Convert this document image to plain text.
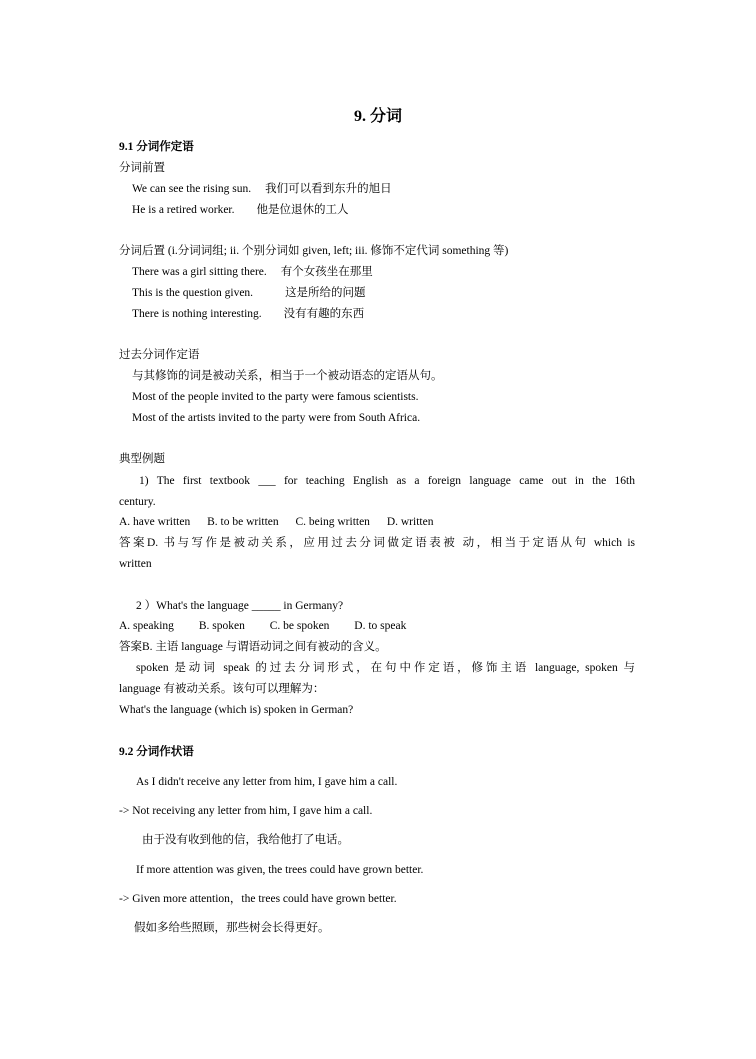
9. 分词
9.1 分词作定语
分词前置
We can see the rising sun. 我们可以看到东升的旭日
He is a retired worker. 他是位退休的工人
分词后置 (i.分词词组; ii. 个别分词如 given, left; iii. 修饰不定代词 something 等)
There was a girl sitting there. 有个女孩坐在那里
This is the question given.	这是所给的问题
There is nothing interesting. 没有有趣的东西
过去分词作定语
与其修饰的词是被动关系，相当于一个被动语态的定语从句。
Most of the people invited to the party were famous scientists.
Most of the artists invited to the party were from South Africa.
典型例题
1) The first textbook ___ for teaching English as a foreign language came out in the 16th
century.
A. have written B. to be written C. being written D. written
答案D. 书与写作是被动关系，应用过去分词做定语表被 动，相当于定语从句 which is
written
2 ）What's the language _____ in Germany?
A. speaking B. spoken C. be spoken D. to speak
答案B. 主语 language 与谓语动词之间有被动的含义。
spoken 是动词 speak 的过去分词形式，在句中作定语，修饰主语 language, spoken 与
language 有被动关系。该句可以理解为：
What's the language (which is) spoken in German?
9.2 分词作状语
As I didn't receive any letter from him, I gave him a call.
-> Not receiving any letter from him, I gave him a call.
由于没有收到他的信，我给他打了电话。
If more attention was given, the trees could have grown better.
-> Given more attention，the trees could have grown better.
假如多给些照顾，那些树会长得更好。
